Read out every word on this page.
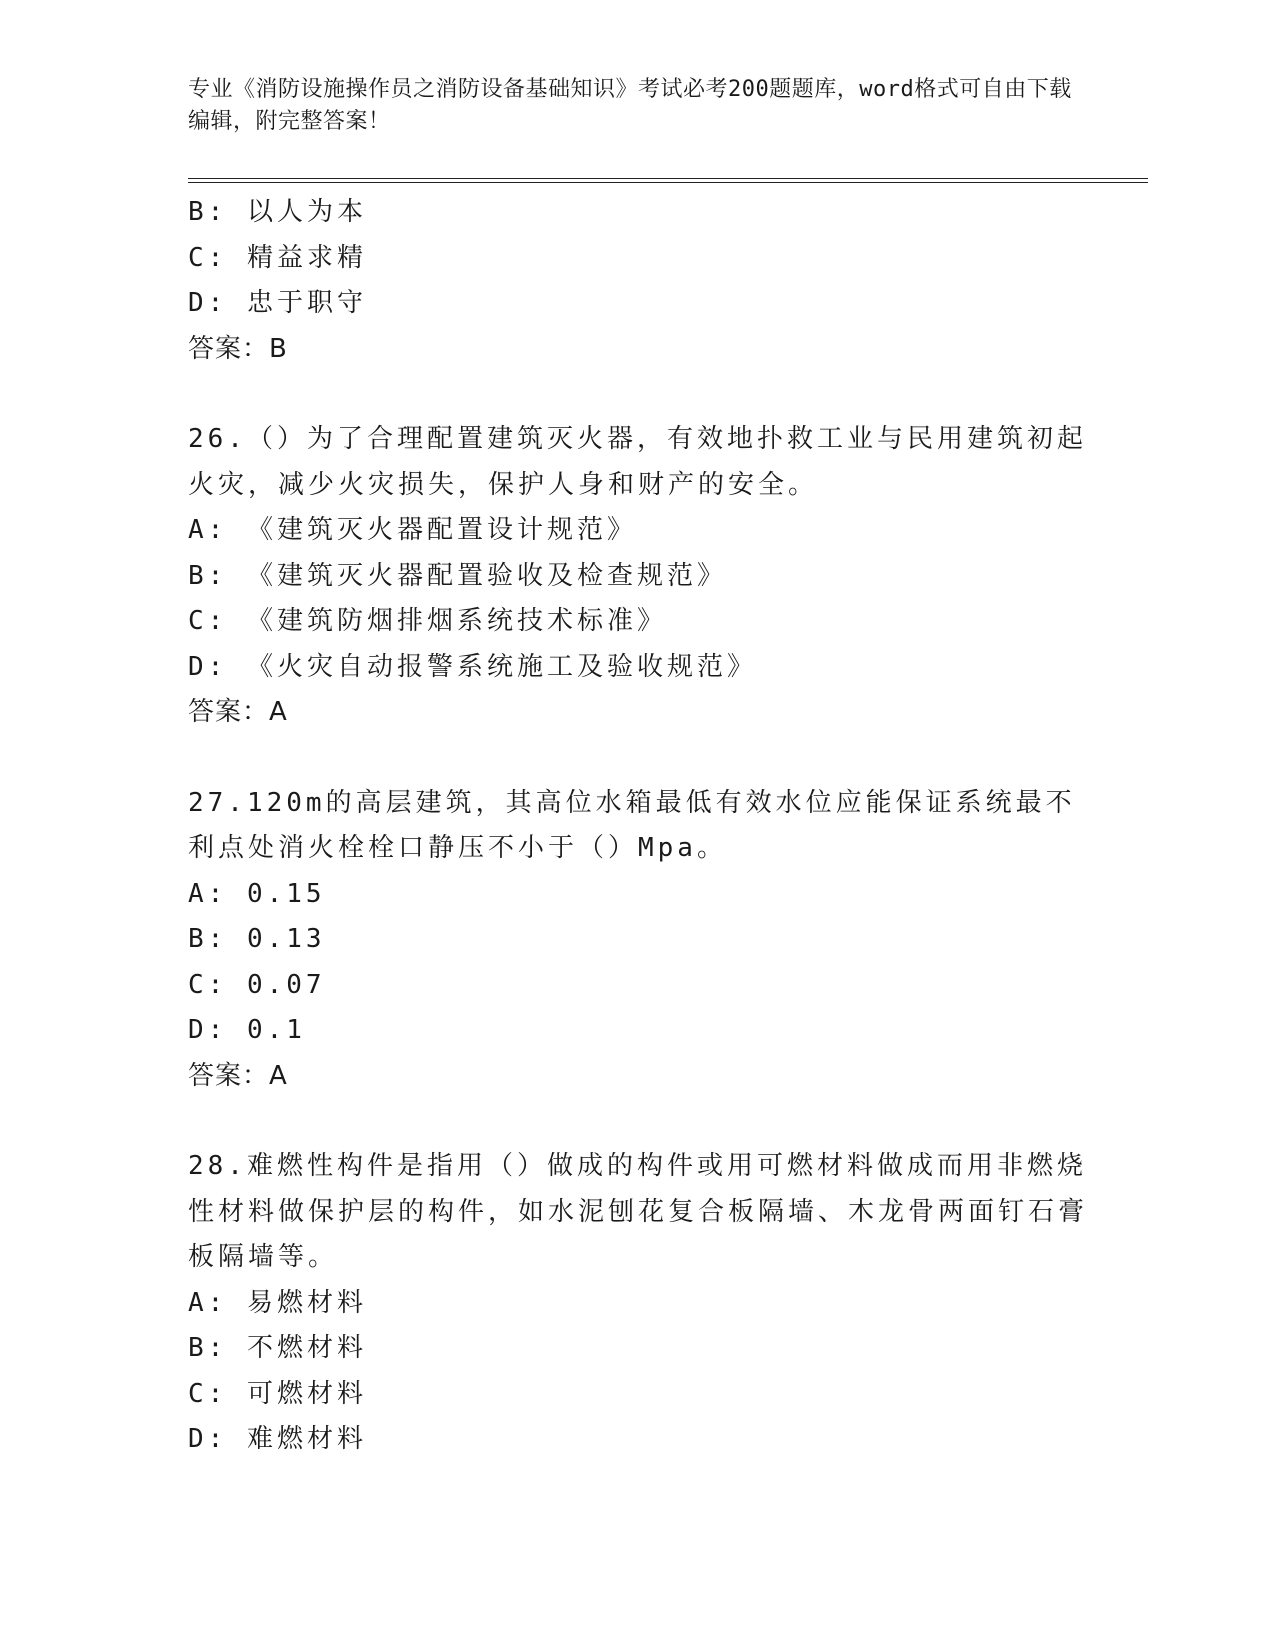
专业《消防设施操作员之消防设备基础知识》考试必考200题题库，word格式可自由下载编辑，附完整答案！
B: 以人为本
C: 精益求精
D: 忠于职守
答案：B
26.（）为了合理配置建筑灭火器，有效地扑救工业与民用建筑初起火灾，减少火灾损失，保护人身和财产的安全。
A: 《建筑灭火器配置设计规范》
B: 《建筑灭火器配置验收及检查规范》
C: 《建筑防烟排烟系统技术标准》
D: 《火灾自动报警系统施工及验收规范》
答案：A
27.120m的高层建筑，其高位水箱最低有效水位应能保证系统最不利点处消火栓栓口静压不小于（）Mpa。
A: 0.15
B: 0.13
C: 0.07
D: 0.1
答案：A
28.难燃性构件是指用（）做成的构件或用可燃材料做成而用非燃烧性材料做保护层的构件，如水泥刨花复合板隔墙、木龙骨两面钉石膏板隔墙等。
A: 易燃材料
B: 不燃材料
C: 可燃材料
D: 难燃材料
